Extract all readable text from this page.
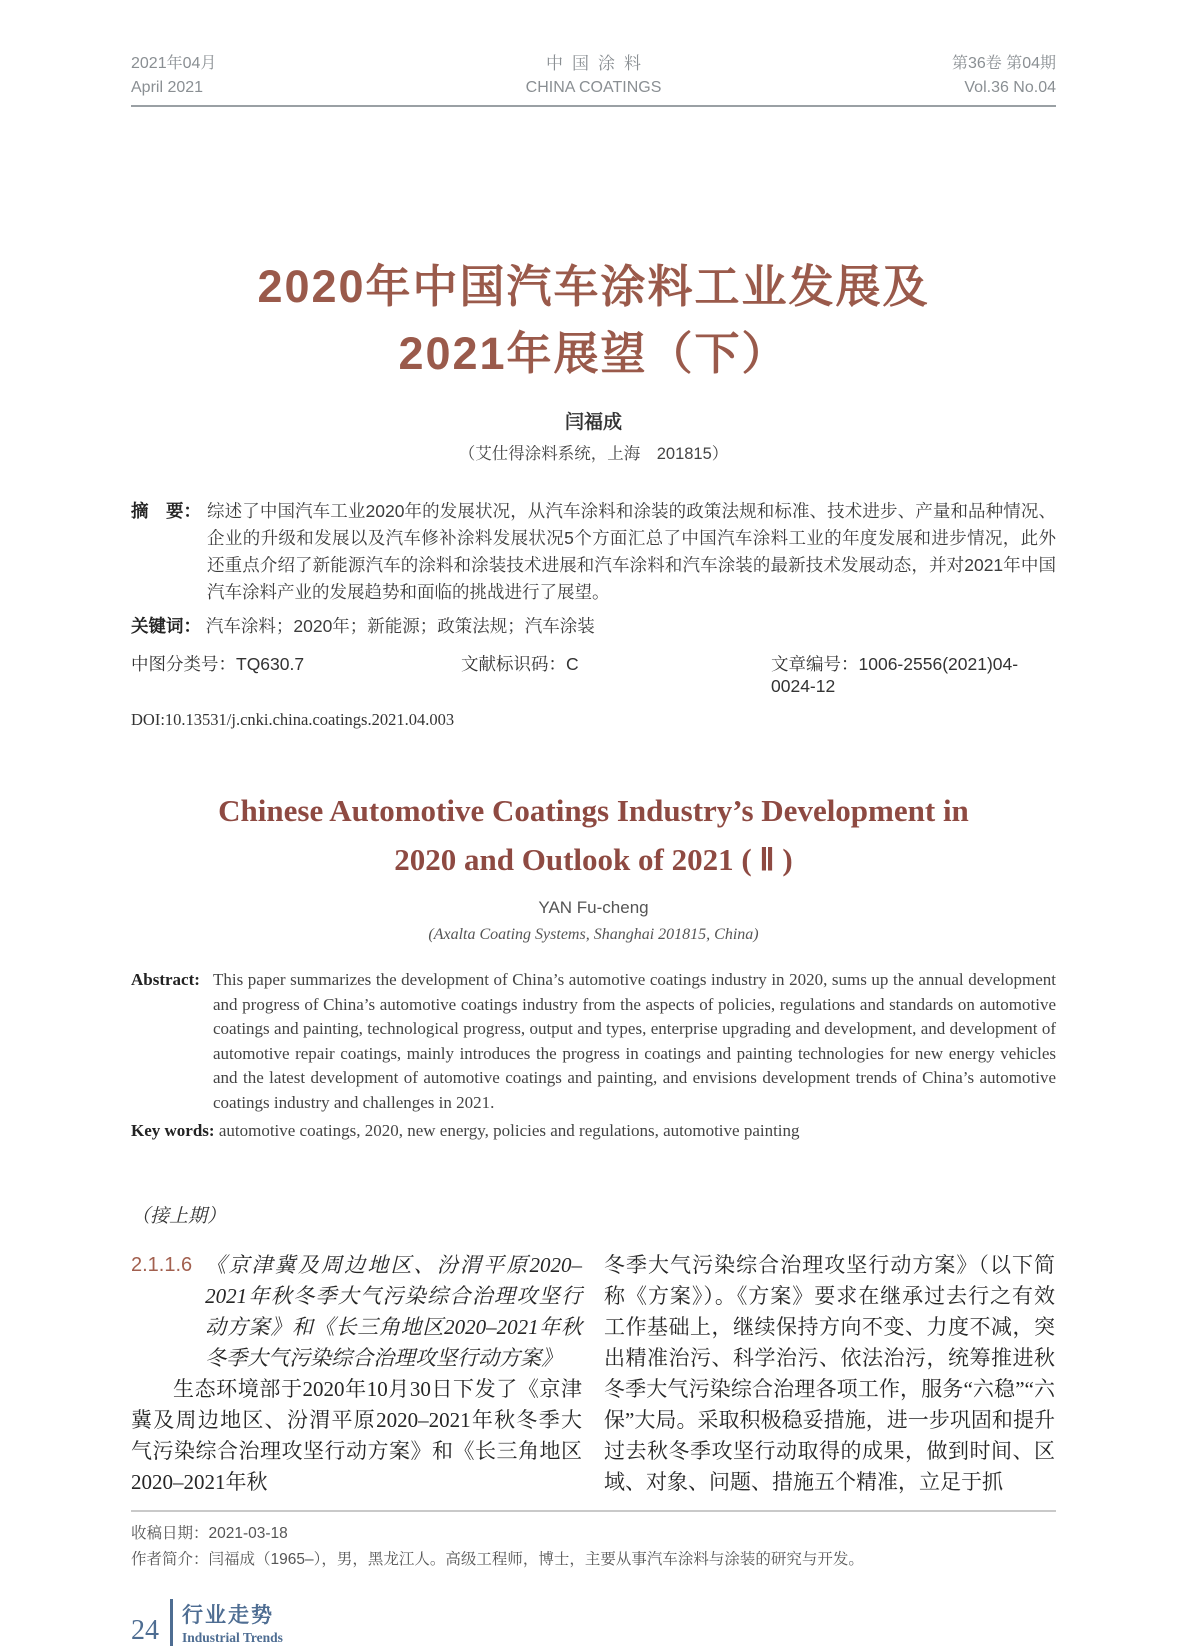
2021年04月
April 2021
中国涂料
CHINA COATINGS
第36卷 第04期
Vol.36 No.04
2020年中国汽车涂料工业发展及
2021年展望（下）
闫福成
（艾仕得涂料系统，上海　201815）
摘　要： 综述了中国汽车工业2020年的发展状况，从汽车涂料和涂装的政策法规和标准、技术进步、产量和品种情况、企业的升级和发展以及汽车修补涂料发展状况5个方面汇总了中国汽车涂料工业的年度发展和进步情况，此外还重点介绍了新能源汽车的涂料和涂装技术进展和汽车涂料和汽车涂装的最新技术发展动态，并对2021年中国汽车涂料产业的发展趋势和面临的挑战进行了展望。
关键词： 汽车涂料；2020年；新能源；政策法规；汽车涂装
中图分类号：TQ630.7	文献标识码：C	文章编号：1006-2556(2021)04-0024-12
DOI:10.13531/j.cnki.china.coatings.2021.04.003
Chinese Automotive Coatings Industry’s Development in
2020 and Outlook of 2021 ( Ⅱ )
YAN Fu-cheng
(Axalta Coating Systems, Shanghai 201815, China)
Abstract: This paper summarizes the development of China’s automotive coatings industry in 2020, sums up the annual development and progress of China’s automotive coatings industry from the aspects of policies, regulations and standards on automotive coatings and painting, technological progress, output and types, enterprise upgrading and development, and development of automotive repair coatings, mainly introduces the progress in coatings and painting technologies for new energy vehicles and the latest development of automotive coatings and painting, and envisions development trends of China’s automotive coatings industry and challenges in 2021.
Key words: automotive coatings, 2020, new energy, policies and regulations, automotive painting
（接上期）
2.1.1.6 《京津冀及周边地区、汾渭平原2020–2021年秋冬季大气污染综合治理攻坚行动方案》和《长三角地区2020–2021年秋冬季大气污染综合治理攻坚行动方案》

生态环境部于2020年10月30日下发了《京津冀及周边地区、汾渭平原2020–2021年秋冬季大气污染综合治理攻坚行动方案》和《长三角地区2020–2021年秋

冬季大气污染综合治理攻坚行动方案》（以下简称《方案》）。《方案》要求在继承过去行之有效工作基础上，继续保持方向不变、力度不减，突出精准治污、科学治污、依法治污，统筹推进秋冬季大气污染综合治理各项工作，服务“六稳”“六保”大局。采取积极稳妥措施，进一步巩固和提升过去秋冬季攻坚行动取得的成果，做到时间、区域、对象、问题、措施五个精准，立足于抓

收稿日期：2021-03-18
作者简介：闫福成（1965–），男，黑龙江人。高级工程师，博士，主要从事汽车涂料与涂装的研究与开发。
24 行业走势
Industrial Trends
